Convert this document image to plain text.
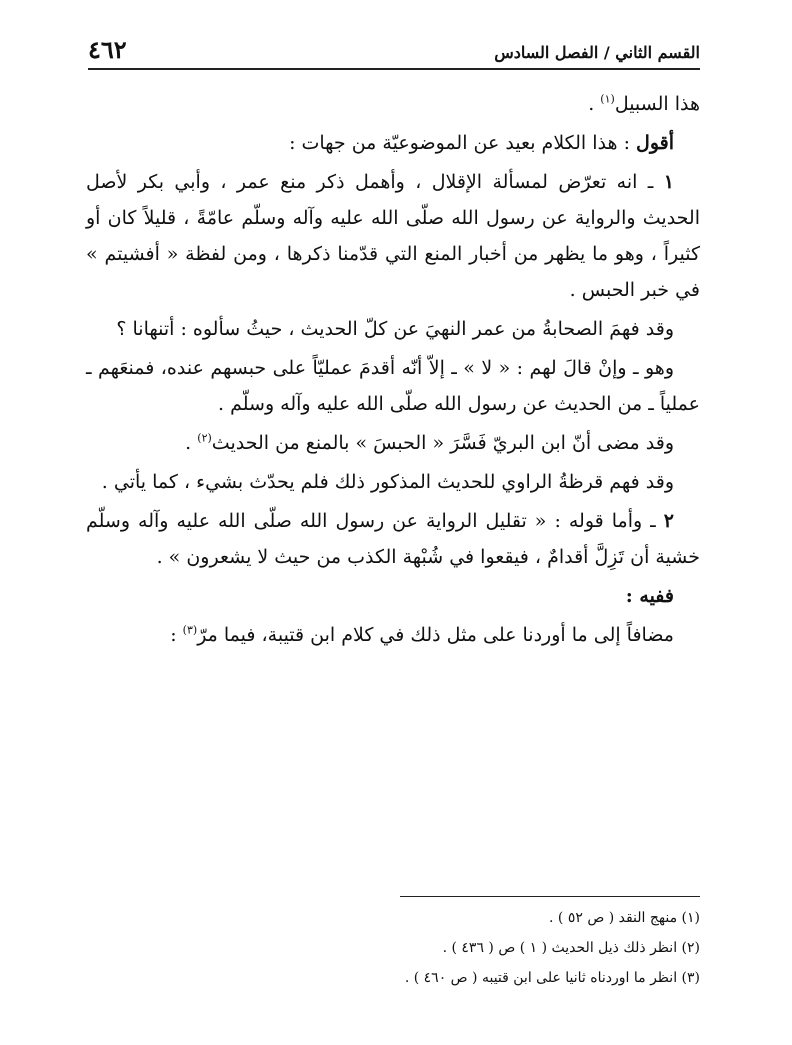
القسم الثاني / الفصل السادس
٤٦٢

هذا السبيل$^{(١)}$ .

أقول : هذا الكلام بعيد عن الموضوعيّة من جهات :

١ ـ انه تعرّض لمسألة الإقلال ، وأهمل ذكر منع عمر ، وأبي بكر لأصل الحديث والرواية عن رسول الله صلّى الله عليه وآله وسلّم عامّةً ، قليلاً كان أو كثيراً ، وهو ما يظهر من أخبار المنع التي قدّمنا ذكرها ، ومن لفظة « أفشيتم » في خبر الحبس .

وقد فهمَ الصحابةُ من عمر النهيَ عن كلّ الحديث ، حيثُ سألوه : أتنهانا ؟

وهو ـ وإنْ قالَ لهم : « لا » ـ إلاّ أنّه أقدمَ عمليّاً على حبسهم عنده، فمنعَهم ـ عملياً ـ من الحديث عن رسول الله صلّى الله عليه وآله وسلّم .

وقد مضى أنّ ابن البريّ فَسَّرَ « الحبسَ » بالمنع من الحديث$^{(٢)}$ .

وقد فهم قرظةُ الراوي للحديث المذكور ذلك فلم يحدّث بشيء ، كما يأتي .

٢ ـ وأما قوله : « تقليل الرواية عن رسول الله صلّى الله عليه وآله وسلّم خشية أن تَزِلَّ أقدامٌ ، فيقعوا في شُبْهة الكذب من حيث لا يشعرون » .

ففيه :

مضافاً إلى ما أوردنا على مثل ذلك في كلام ابن قتيبة، فيما مرّ$^{(٣)}$ :

(١) منهج النقد ( ص ٥٢ ) .

(٢) انظر ذلك ذيل الحديث ( ١ ) ص ( ٤٣٦ ) .

(٣) انظر ما اوردناه ثانيا على ابن قتيبه ( ص ٤٦٠ ) .
